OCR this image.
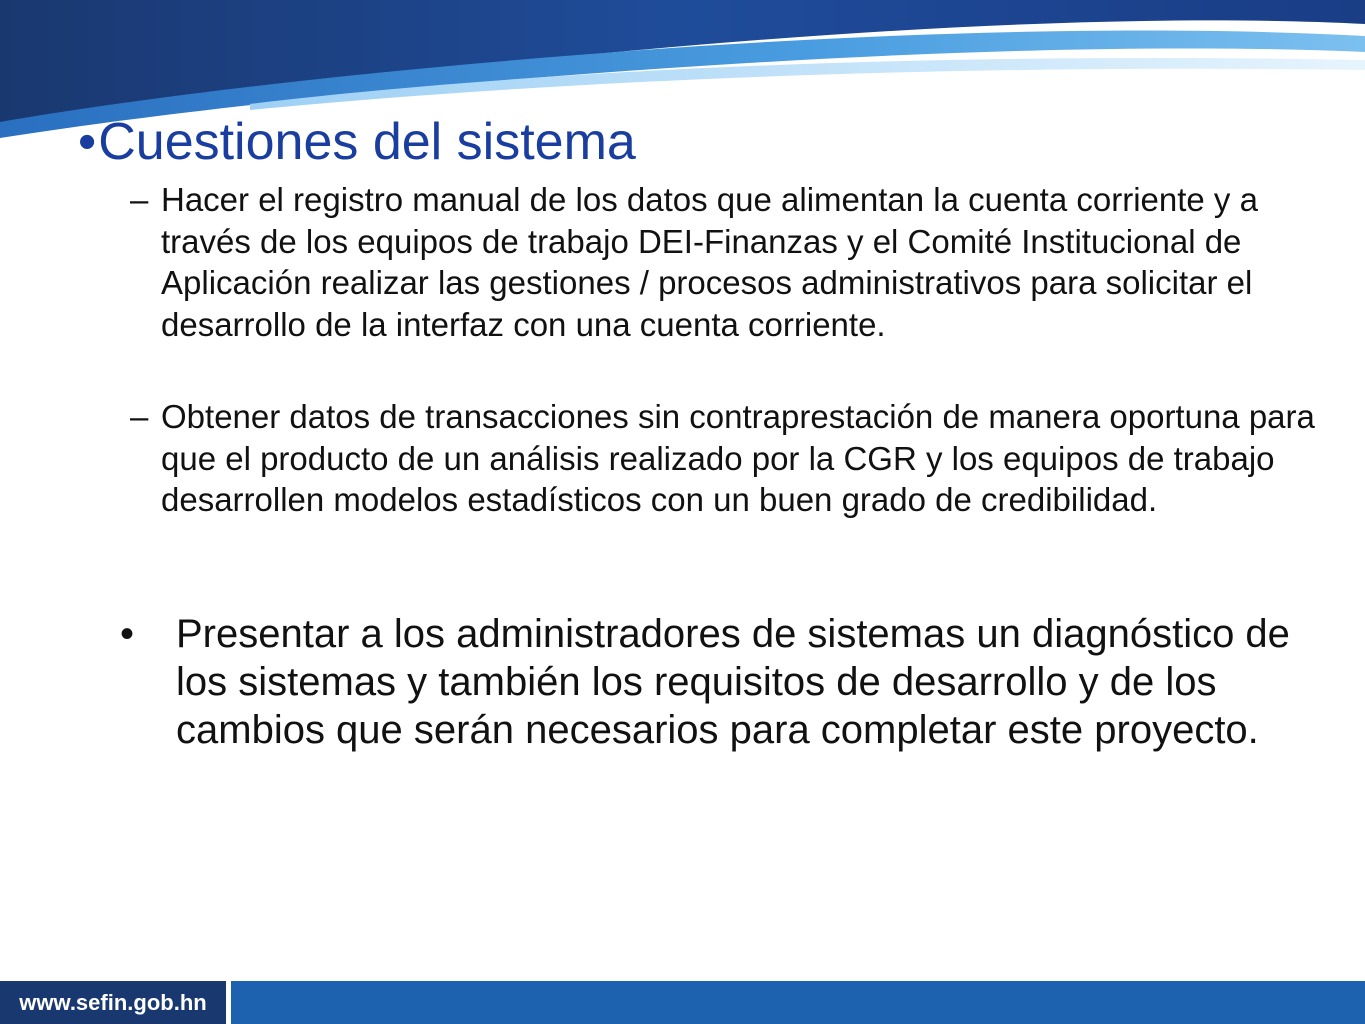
•Cuestiones del sistema
– Hacer el registro manual de los datos que alimentan la cuenta corriente y a través de los equipos de trabajo DEI-Finanzas y el Comité Institucional de Aplicación realizar las gestiones / procesos administrativos para solicitar el desarrollo de la interfaz con una cuenta corriente.
– Obtener datos de transacciones sin contraprestación de manera oportuna para que el producto de un análisis realizado por la CGR y los equipos de trabajo desarrollen modelos estadísticos con un buen grado de credibilidad.
•	Presentar a los administradores de sistemas un diagnóstico de los sistemas y también los requisitos de desarrollo y de los cambios que serán necesarios para completar este proyecto.
www.sefin.gob.hn
